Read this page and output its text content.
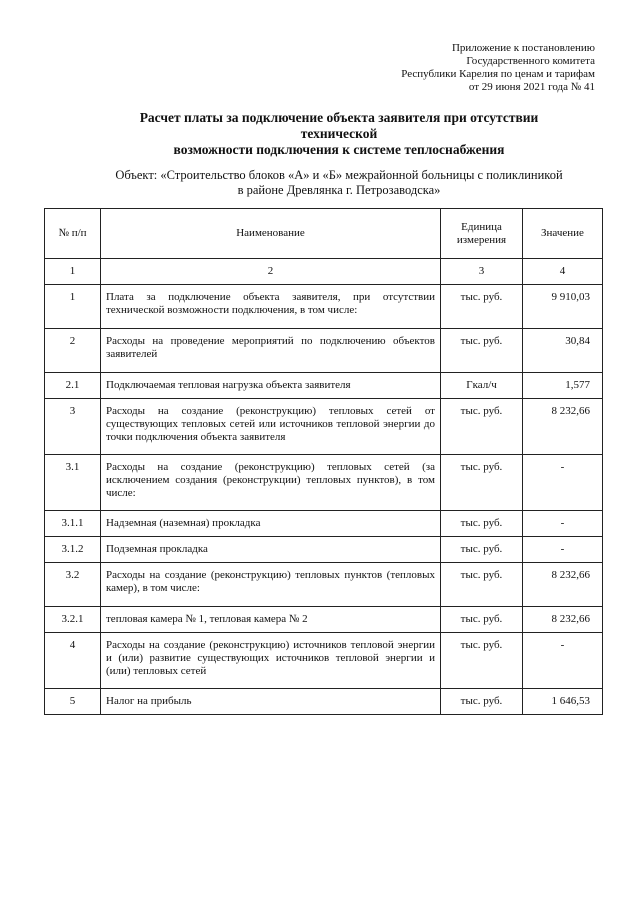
Приложение к постановлению
Государственного комитета
Республики Карелия по ценам и тарифам
от 29 июня 2021 года № 41
Расчет платы за подключение объекта заявителя при отсутствии технической
возможности подключения к системе теплоснабжения
Объект: «Строительство блоков «А» и «Б» межрайонной больницы с поликлиникой
в районе Древлянка г. Петрозаводска»
№ п/п	Наименование	Единица измерения	Значение
1	2	3	4
1	Плата за подключение объекта заявителя, при отсутствии технической возможности подключения, в том числе:	тыс. руб.	9 910,03
2	Расходы на проведение мероприятий по подключению объектов заявителей	тыс. руб.	30,84
2.1	Подключаемая тепловая нагрузка объекта заявителя	Гкал/ч	1,577
3	Расходы на создание (реконструкцию) тепловых сетей от существующих тепловых сетей или источников тепловой энергии до точки подключения объекта заявителя	тыс. руб.	8 232,66
3.1	Расходы на создание (реконструкцию) тепловых сетей (за исключением создания (реконструкции) тепловых пунктов), в том числе:	тыс. руб.	-
3.1.1	Надземная (наземная) прокладка	тыс. руб.	-
3.1.2	Подземная прокладка	тыс. руб.	-
3.2	Расходы на создание (реконструкцию) тепловых пунктов (тепловых камер), в том числе:	тыс. руб.	8 232,66
3.2.1	тепловая камера № 1, тепловая камера № 2	тыс. руб.	8 232,66
4	Расходы на создание (реконструкцию) источников тепловой энергии и (или) развитие существующих источников тепловой энергии и (или) тепловых сетей	тыс. руб.	-
5	Налог на прибыль	тыс. руб.	1 646,53
